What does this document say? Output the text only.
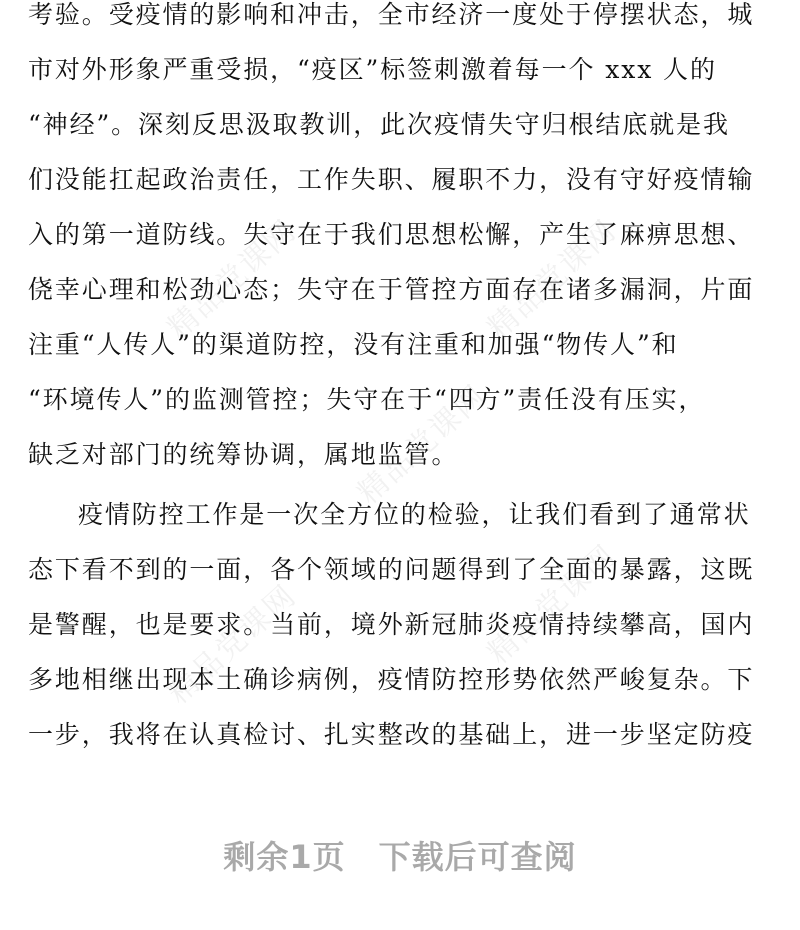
精品党课网	精品党课网
精品党课网
精品党课网	精品党课网
考验。受疫情的影响和冲击，全市经济一度处于停摆状态，城
市对外形象严重受损，“疫区”标签刺激着每一个 xxx 人的
“神经”。深刻反思汲取教训，此次疫情失守归根结底就是我
们没能扛起政治责任，工作失职、履职不力，没有守好疫情输
入的第一道防线。失守在于我们思想松懈，产生了麻痹思想、
侥幸心理和松劲心态；失守在于管控方面存在诸多漏洞，片面
注重“人传人”的渠道防控，没有注重和加强“物传人”和
“环境传人”的监测管控；失守在于“四方”责任没有压实，
缺乏对部门的统筹协调，属地监管。
疫情防控工作是一次全方位的检验，让我们看到了通常状
态下看不到的一面，各个领域的问题得到了全面的暴露，这既
是警醒，也是要求。当前，境外新冠肺炎疫情持续攀高，国内
多地相继出现本土确诊病例，疫情防控形势依然严峻复杂。下
一步，我将在认真检讨、扎实整改的基础上，进一步坚定防疫
剩余1页　下载后可查阅
